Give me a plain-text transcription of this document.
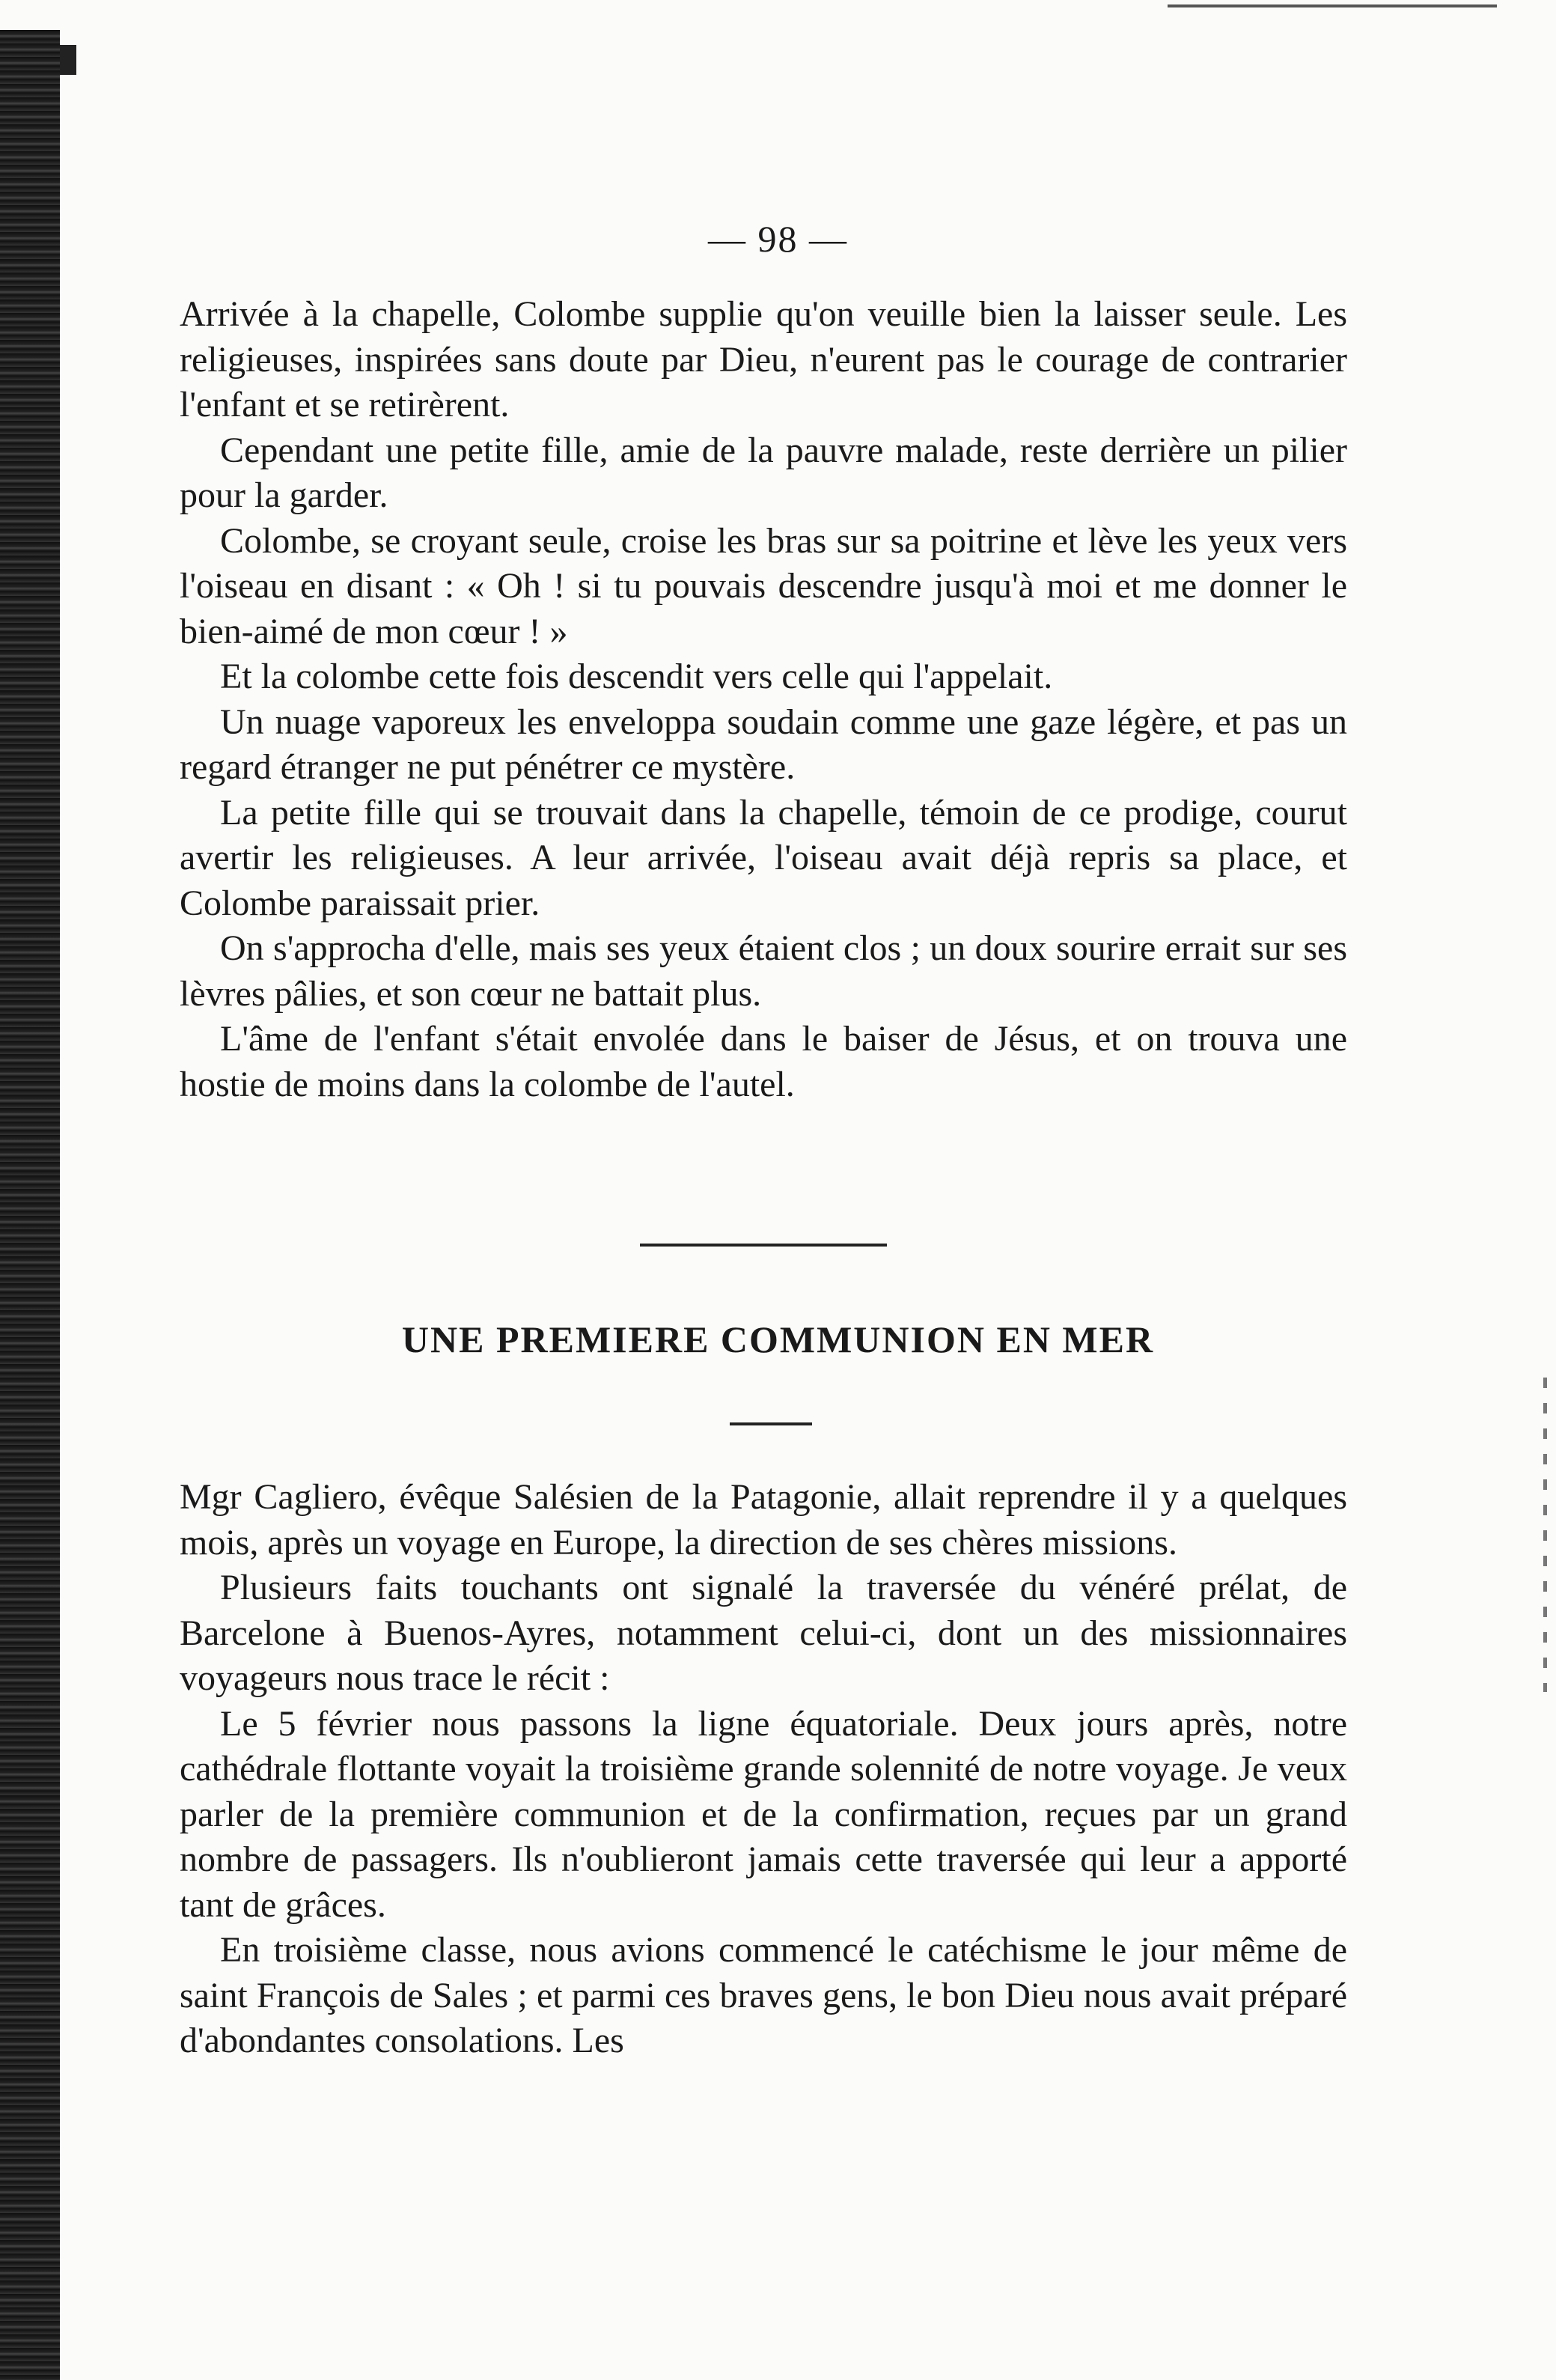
— 98 —

Arrivée à la chapelle, Colombe supplie qu'on veuille bien la laisser seule. Les religieuses, inspirées sans doute par Dieu, n'eurent pas le courage de contrarier l'enfant et se retirèrent.

Cependant une petite fille, amie de la pauvre malade, reste derrière un pilier pour la garder.

Colombe, se croyant seule, croise les bras sur sa poitrine et lève les yeux vers l'oiseau en disant : « Oh ! si tu pouvais descendre jusqu'à moi et me donner le bien-aimé de mon cœur ! »

Et la colombe cette fois descendit vers celle qui l'appelait.

Un nuage vaporeux les enveloppa soudain comme une gaze légère, et pas un regard étranger ne put pénétrer ce mystère.

La petite fille qui se trouvait dans la chapelle, témoin de ce prodige, courut avertir les religieuses. A leur arrivée, l'oiseau avait déjà repris sa place, et Colombe paraissait prier.

On s'approcha d'elle, mais ses yeux étaient clos ; un doux sourire errait sur ses lèvres pâlies, et son cœur ne battait plus.

L'âme de l'enfant s'était envolée dans le baiser de Jésus, et on trouva une hostie de moins dans la colombe de l'autel.

UNE PREMIERE COMMUNION EN MER

Mgr Cagliero, évêque Salésien de la Patagonie, allait reprendre il y a quelques mois, après un voyage en Europe, la direction de ses chères missions.

Plusieurs faits touchants ont signalé la traversée du vénéré prélat, de Barcelone à Buenos-Ayres, notamment celui-ci, dont un des missionnaires voyageurs nous trace le récit :

Le 5 février nous passons la ligne équatoriale. Deux jours après, notre cathédrale flottante voyait la troisième grande solennité de notre voyage. Je veux parler de la première communion et de la confirmation, reçues par un grand nombre de passagers. Ils n'oublieront jamais cette traversée qui leur a apporté tant de grâces.

En troisième classe, nous avions commencé le catéchisme le jour même de saint François de Sales ; et parmi ces braves gens, le bon Dieu nous avait préparé d'abondantes consolations. Les
